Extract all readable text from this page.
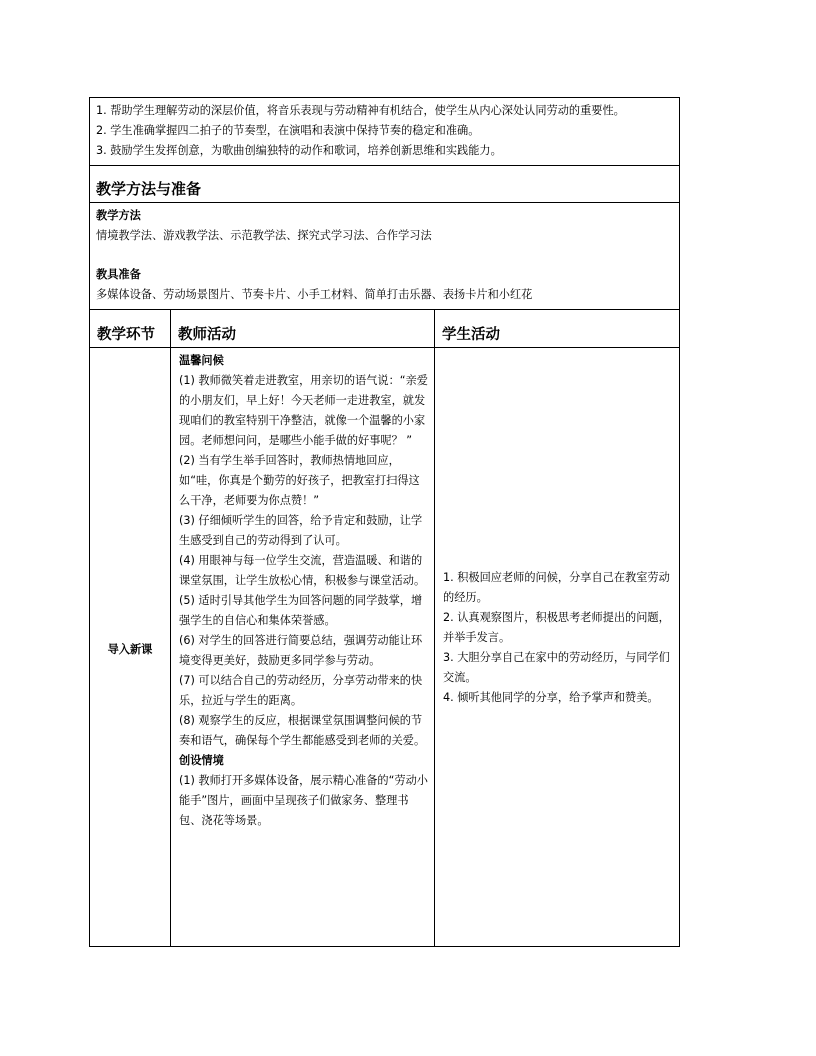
1. 帮助学生理解劳动的深层价值，将音乐表现与劳动精神有机结合，使学生从内心深处认同劳动的重要性。

2. 学生准确掌握四二拍子的节奏型，在演唱和表演中保持节奏的稳定和准确。

3. 鼓励学生发挥创意，为歌曲创编独特的动作和歌词，培养创新思维和实践能力。

教学方法与准备

教学方法

情境教学法、游戏教学法、示范教学法、探究式学习法、合作学习法

教具准备

多媒体设备、劳动场景图片、节奏卡片、小手工材料、简单打击乐器、表扬卡片和小红花

教学环节	教师活动	学生活动
导入新课

温馨问候

(1) 教师微笑着走进教室，用亲切的语气说：“亲爱的小朋友们，早上好！今天老师一走进教室，就发现咱们的教室特别干净整洁，就像一个温馨的小家园。老师想问问，是哪些小能手做的好事呢？ ”

(2) 当有学生举手回答时，教师热情地回应，如“哇，你真是个勤劳的好孩子，把教室打扫得这么干净，老师要为你点赞！”

(3) 仔细倾听学生的回答，给予肯定和鼓励，让学生感受到自己的劳动得到了认可。

(4) 用眼神与每一位学生交流，营造温暖、和谐的课堂氛围，让学生放松心情，积极参与课堂活动。

(5) 适时引导其他学生为回答问题的同学鼓掌，增强学生的自信心和集体荣誉感。

(6) 对学生的回答进行简要总结，强调劳动能让环境变得更美好，鼓励更多同学参与劳动。

(7) 可以结合自己的劳动经历，分享劳动带来的快乐，拉近与学生的距离。

(8) 观察学生的反应，根据课堂氛围调整问候的节奏和语气，确保每个学生都能感受到老师的关爱。

创设情境

(1) 教师打开多媒体设备，展示精心准备的“劳动小能手”图片，画面中呈现孩子们做家务、整理书包、浇花等场景。

1. 积极回应老师的问候，分享自己在教室劳动的经历。

2. 认真观察图片，积极思考老师提出的问题，并举手发言。

3. 大胆分享自己在家中的劳动经历，与同学们交流。

4. 倾听其他同学的分享，给予掌声和赞美。
